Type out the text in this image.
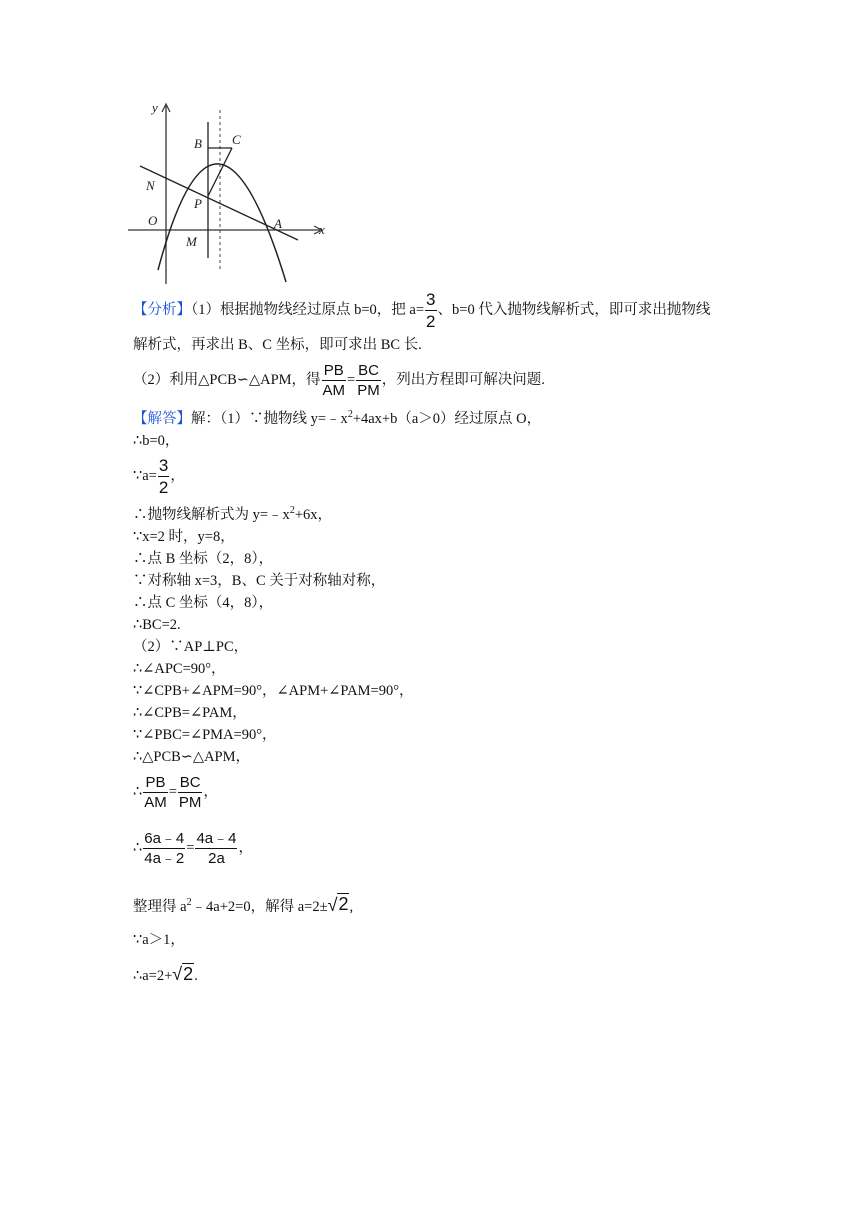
y
x
B C
N
P
O
M
A
【分析】（1）根据抛物线经过原点 b=0，把 $a= \frac{3}{2}$ 、b=0 代入抛物线解析式，即可求出抛物线
解析式，再求出 B、C 坐标，即可求出 BC 长.
（2）利用△PCB∽△APM，得 $\frac{PB}{AM} = \frac{BC}{PM}$ ，列出方程即可解决问题.
【解答】解：（1）∵抛物线 $y=﹣x^2+4ax+b(a>0)$经过原点 O，
∴b=0，
∵a= $\frac{3}{2}$ ，
∴抛物线解析式为 $y=﹣x^2+6x$，
∵x=2 时，y=8，
∴点 B 坐标（2，8），
∵对称轴 x=3，B、C 关于对称轴对称，
∴点 C 坐标（4，8），
∴BC=2.
（2）∵AP⊥PC，
∴∠APC=90°，
∵∠CPB+∠APM=90°，∠APM+∠PAM=90°，
∴∠CPB=∠PAM，
∵∠PBC=∠PMA=90°，
∴△PCB∽△APM，
∴ $\frac{PB}{AM} = \frac{BC}{PM}$ ，
∴ $\frac{6a﹣4}{4a﹣2} = \frac{4a﹣4}{2a}$ ，
整理得 $a^2﹣4a+2=0$，解得 a=2±√2,
∵a＞1，
∴a=2+√2.
